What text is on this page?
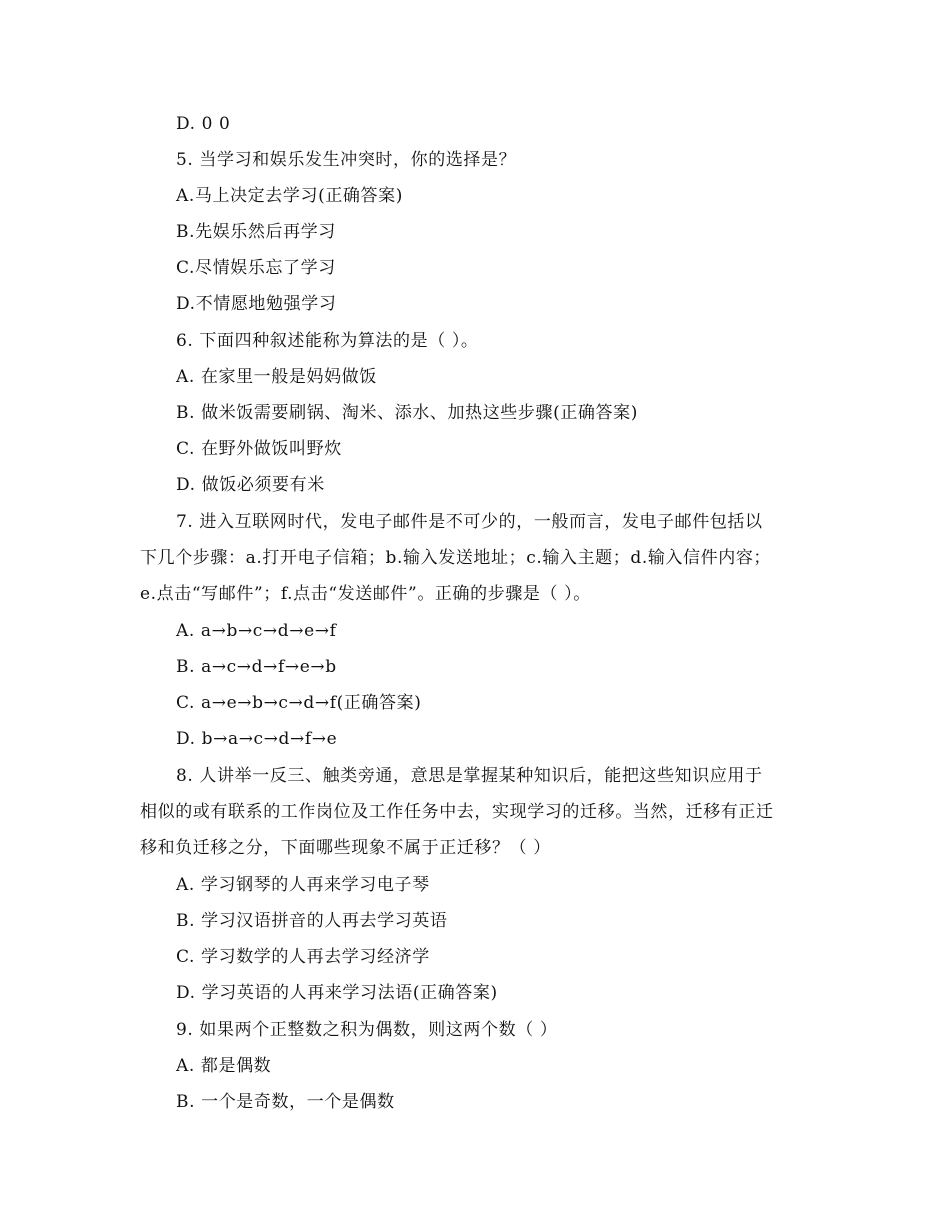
D. 0 0
5. 当学习和娱乐发生冲突时，你的选择是？
A.马上决定去学习(正确答案)
B.先娱乐然后再学习
C.尽情娱乐忘了学习
D.不情愿地勉强学习
6. 下面四种叙述能称为算法的是（ ）。
A. 在家里一般是妈妈做饭
B. 做米饭需要刷锅、淘米、添水、加热这些步骤(正确答案)
C. 在野外做饭叫野炊
D. 做饭必须要有米
7. 进入互联网时代，发电子邮件是不可少的，一般而言，发电子邮件包括以
下几个步骤：a.打开电子信箱；b.输入发送地址；c.输入主题；d.输入信件内容；
e.点击“写邮件”；f.点击“发送邮件”。正确的步骤是（ ）。
A. a→b→c→d→e→f
B. a→c→d→f→e→b
C. a→e→b→c→d→f(正确答案)
D. b→a→c→d→f→e
8. 人讲举一反三、触类旁通，意思是掌握某种知识后，能把这些知识应用于
相似的或有联系的工作岗位及工作任务中去，实现学习的迁移。当然，迁移有正迁
移和负迁移之分，下面哪些现象不属于正迁移？（ ）
A. 学习钢琴的人再来学习电子琴
B. 学习汉语拼音的人再去学习英语
C. 学习数学的人再去学习经济学
D. 学习英语的人再来学习法语(正确答案)
9. 如果两个正整数之积为偶数，则这两个数（ ）
A. 都是偶数
B. 一个是奇数，一个是偶数
